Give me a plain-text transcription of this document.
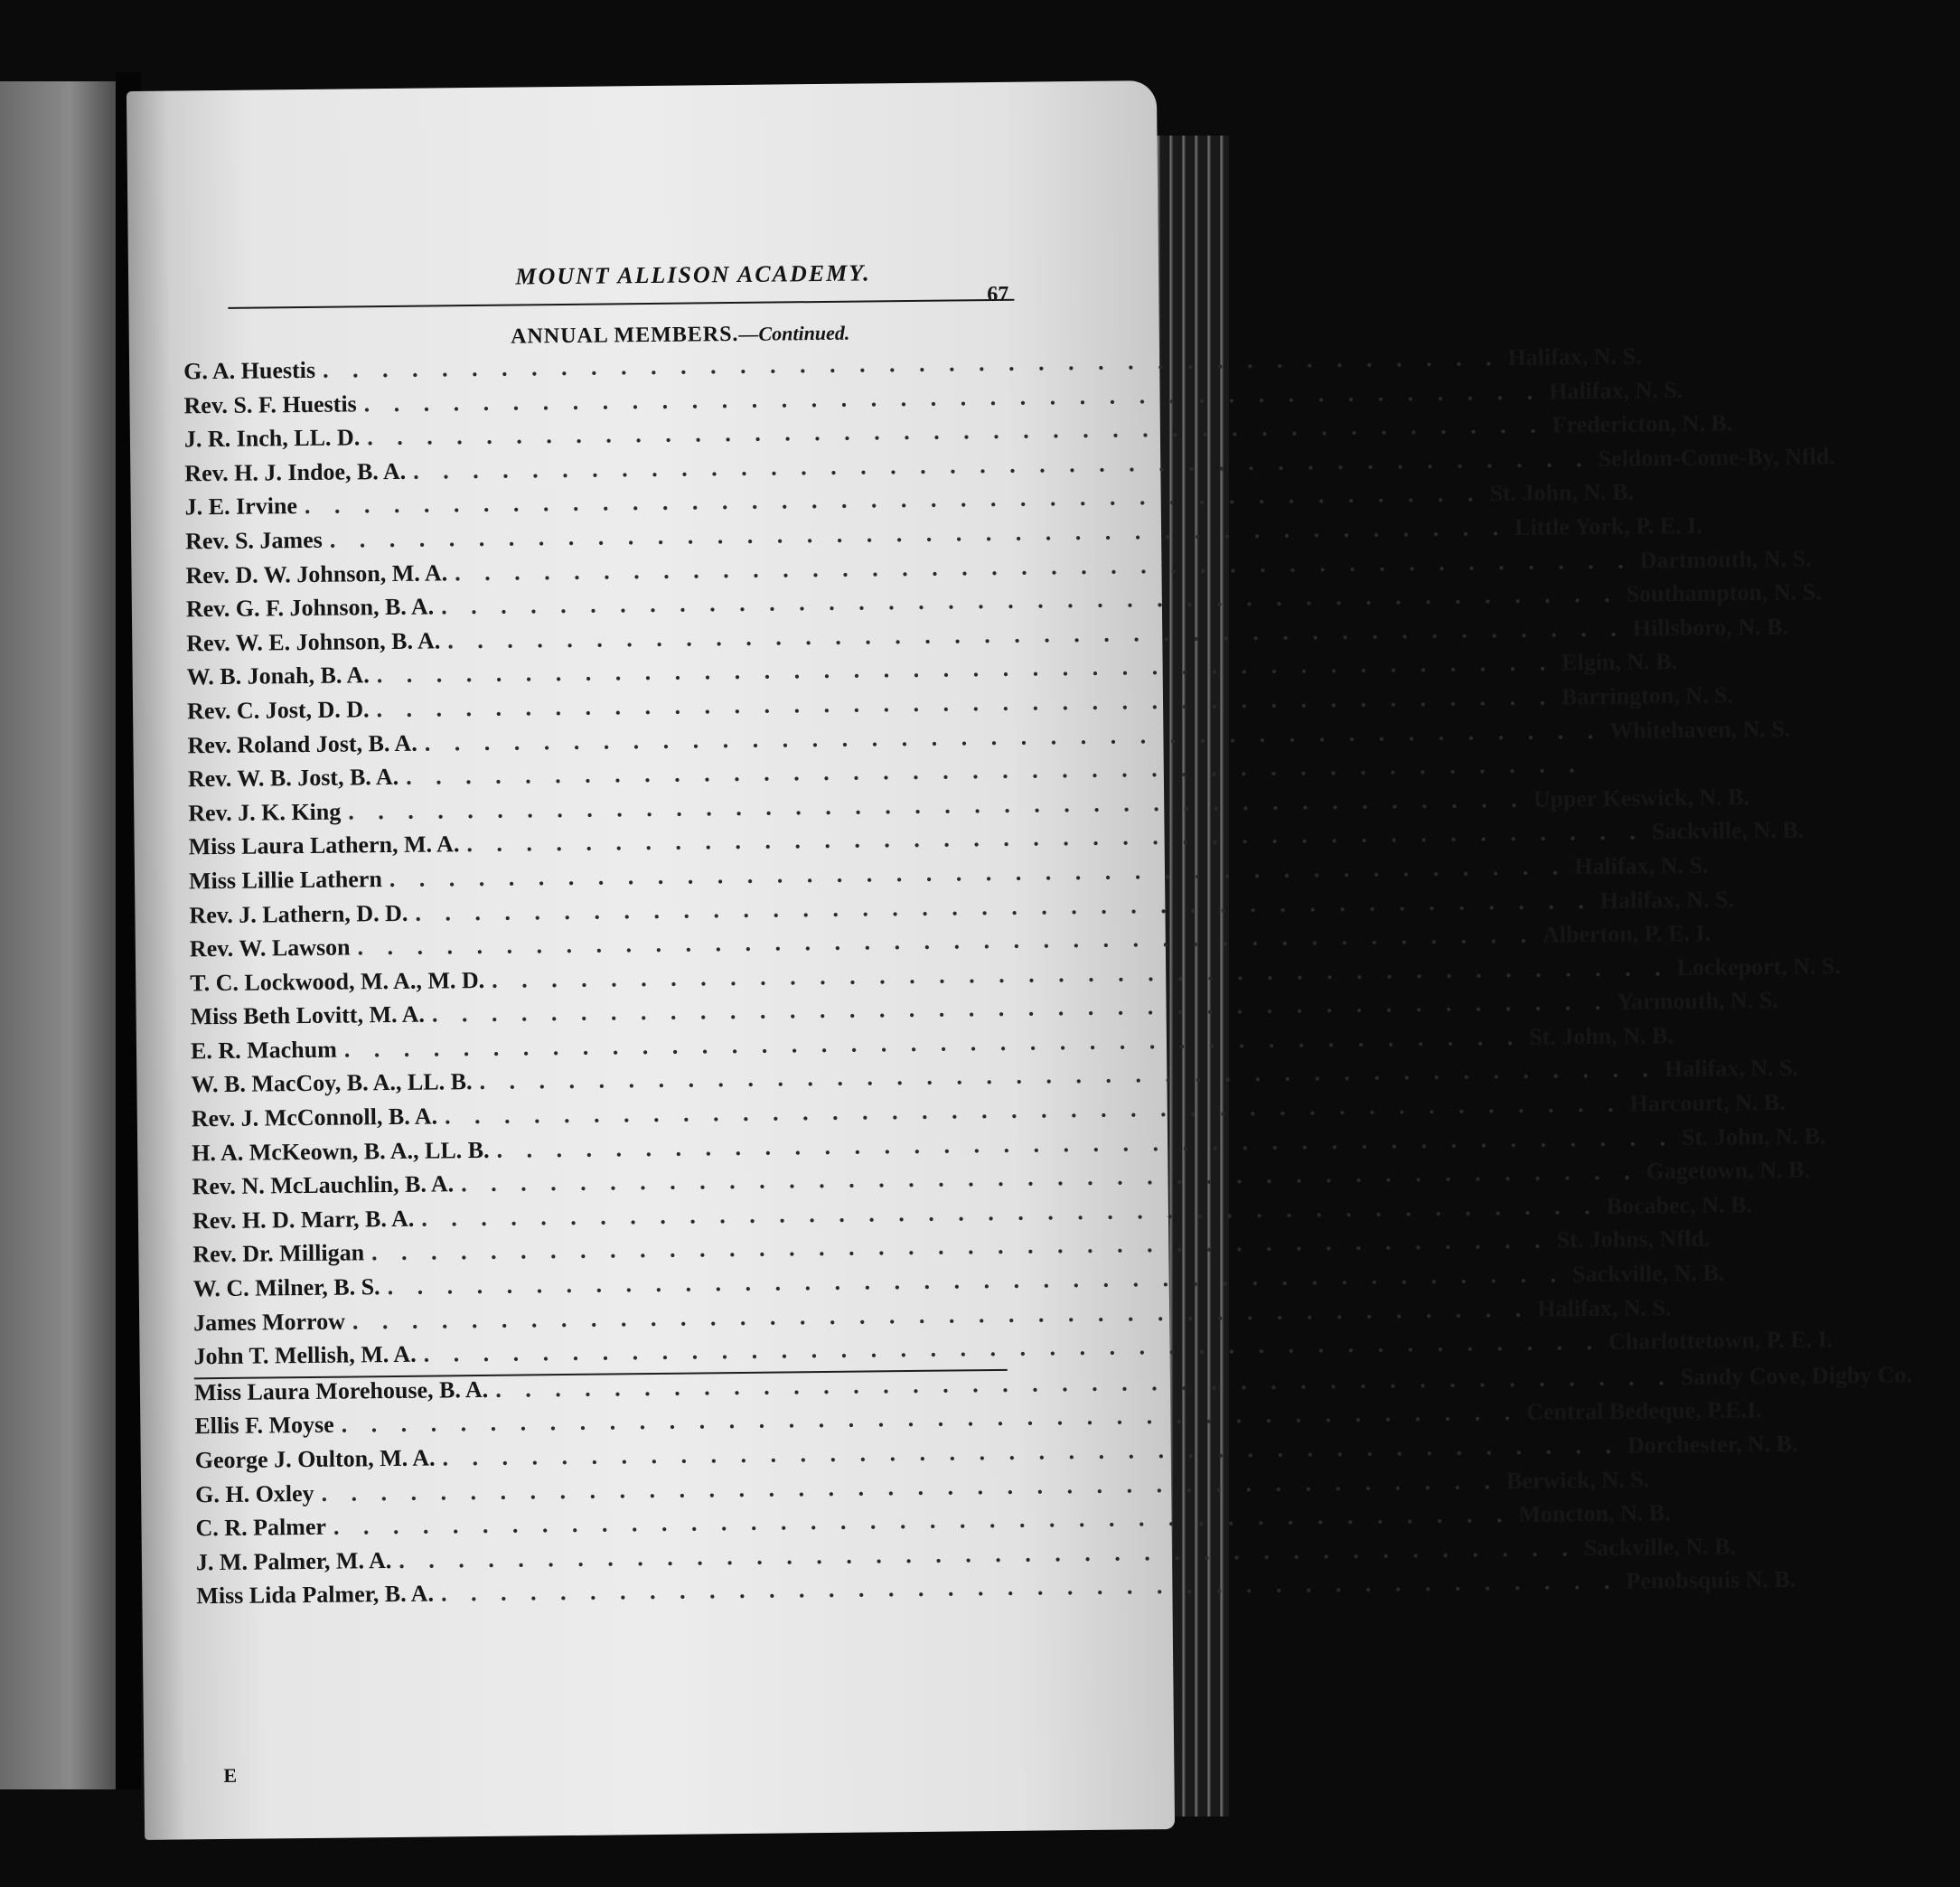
MOUNT ALLISON ACADEMY.
67
ANNUAL MEMBERS.—Continued.
G. A. Huestis . . . . . . . . . . . . . . . . . . . . . . . . . . . . . . . . . . . . . . . . Halifax, N. S.
Rev. S. F. Huestis . . . . . . . . . . . . . . . . . . . . . . . . . . . . . . . . . . . . . . . . Halifax, N. S.
J. R. Inch, LL. D. . . . . . . . . . . . . . . . . . . . . . . . . . . . . . . . . . . . . . . . . Fredericton, N. B.
Rev. H. J. Indoe, B. A. . . . . . . . . . . . . . . . . . . . . . . . . . . . . . . . . . . . . . . . . Seldom-Come-By, Nfld.
J. E. Irvine . . . . . . . . . . . . . . . . . . . . . . . . . . . . . . . . . . . . . . . . St. John, N. B.
Rev. S. James . . . . . . . . . . . . . . . . . . . . . . . . . . . . . . . . . . . . . . . . Little York, P. E. I.
Rev. D. W. Johnson, M. A. . . . . . . . . . . . . . . . . . . . . . . . . . . . . . . . . . . . . . . . . Dartmouth, N. S.
Rev. G. F. Johnson, B. A. . . . . . . . . . . . . . . . . . . . . . . . . . . . . . . . . . . . . . . . . Southampton, N. S.
Rev. W. E. Johnson, B. A. . . . . . . . . . . . . . . . . . . . . . . . . . . . . . . . . . . . . . . . . Hillsboro, N. B.
W. B. Jonah, B. A. . . . . . . . . . . . . . . . . . . . . . . . . . . . . . . . . . . . . . . . . Elgin, N. B.
Rev. C. Jost, D. D. . . . . . . . . . . . . . . . . . . . . . . . . . . . . . . . . . . . . . . . . Barrington, N. S.
Rev. Roland Jost, B. A. . . . . . . . . . . . . . . . . . . . . . . . . . . . . . . . . . . . . . . . . Whitehaven, N. S.
Rev. W. B. Jost, B. A. . . . . . . . . . . . . . . . . . . . . . . . . . . . . . . . . . . . . . . . .
Rev. J. K. King . . . . . . . . . . . . . . . . . . . . . . . . . . . . . . . . . . . . . . . . Upper Keswick, N. B.
Miss Laura Lathern, M. A. . . . . . . . . . . . . . . . . . . . . . . . . . . . . . . . . . . . . . . . . Sackville, N. B.
Miss Lillie Lathern . . . . . . . . . . . . . . . . . . . . . . . . . . . . . . . . . . . . . . . . Halifax, N. S.
Rev. J. Lathern, D. D. . . . . . . . . . . . . . . . . . . . . . . . . . . . . . . . . . . . . . . . . Halifax, N. S.
Rev. W. Lawson . . . . . . . . . . . . . . . . . . . . . . . . . . . . . . . . . . . . . . . . Alberton, P. E. I.
T. C. Lockwood, M. A., M. D. . . . . . . . . . . . . . . . . . . . . . . . . . . . . . . . . . . . . . . . . Lockeport, N. S.
Miss Beth Lovitt, M. A. . . . . . . . . . . . . . . . . . . . . . . . . . . . . . . . . . . . . . . . . Yarmouth, N. S.
E. R. Machum . . . . . . . . . . . . . . . . . . . . . . . . . . . . . . . . . . . . . . . . St. John, N. B.
W. B. MacCoy, B. A., LL. B. . . . . . . . . . . . . . . . . . . . . . . . . . . . . . . . . . . . . . . . . Halifax, N. S.
Rev. J. McConnoll, B. A. . . . . . . . . . . . . . . . . . . . . . . . . . . . . . . . . . . . . . . . . Harcourt, N. B.
H. A. McKeown, B. A., LL. B. . . . . . . . . . . . . . . . . . . . . . . . . . . . . . . . . . . . . . . . . St. John, N. B.
Rev. N. McLauchlin, B. A. . . . . . . . . . . . . . . . . . . . . . . . . . . . . . . . . . . . . . . . . Gagetown, N. B.
Rev. H. D. Marr, B. A. . . . . . . . . . . . . . . . . . . . . . . . . . . . . . . . . . . . . . . . . Bocabec, N. B.
Rev. Dr. Milligan . . . . . . . . . . . . . . . . . . . . . . . . . . . . . . . . . . . . . . . . St. Johns, Nfld.
W. C. Milner, B. S. . . . . . . . . . . . . . . . . . . . . . . . . . . . . . . . . . . . . . . . . Sackville, N. B.
James Morrow . . . . . . . . . . . . . . . . . . . . . . . . . . . . . . . . . . . . . . . . Halifax, N. S.
John T. Mellish, M. A. . . . . . . . . . . . . . . . . . . . . . . . . . . . . . . . . . . . . . . . . Charlottetown, P. E. I.
Miss Laura Morehouse, B. A. . . . . . . . . . . . . . . . . . . . . . . . . . . . . . . . . . . . . . . . . Sandy Cove, Digby Co.
Ellis F. Moyse . . . . . . . . . . . . . . . . . . . . . . . . . . . . . . . . . . . . . . . . Central Bedeque, P.E.I.
George J. Oulton, M. A. . . . . . . . . . . . . . . . . . . . . . . . . . . . . . . . . . . . . . . . . Dorchester, N. B.
G. H. Oxley . . . . . . . . . . . . . . . . . . . . . . . . . . . . . . . . . . . . . . . . Berwick, N. S.
C. R. Palmer . . . . . . . . . . . . . . . . . . . . . . . . . . . . . . . . . . . . . . . . Moncton, N. B.
J. M. Palmer, M. A. . . . . . . . . . . . . . . . . . . . . . . . . . . . . . . . . . . . . . . . . Sackville, N. B.
Miss Lida Palmer, B. A. . . . . . . . . . . . . . . . . . . . . . . . . . . . . . . . . . . . . . . . . Penobsquis N. B.
E
